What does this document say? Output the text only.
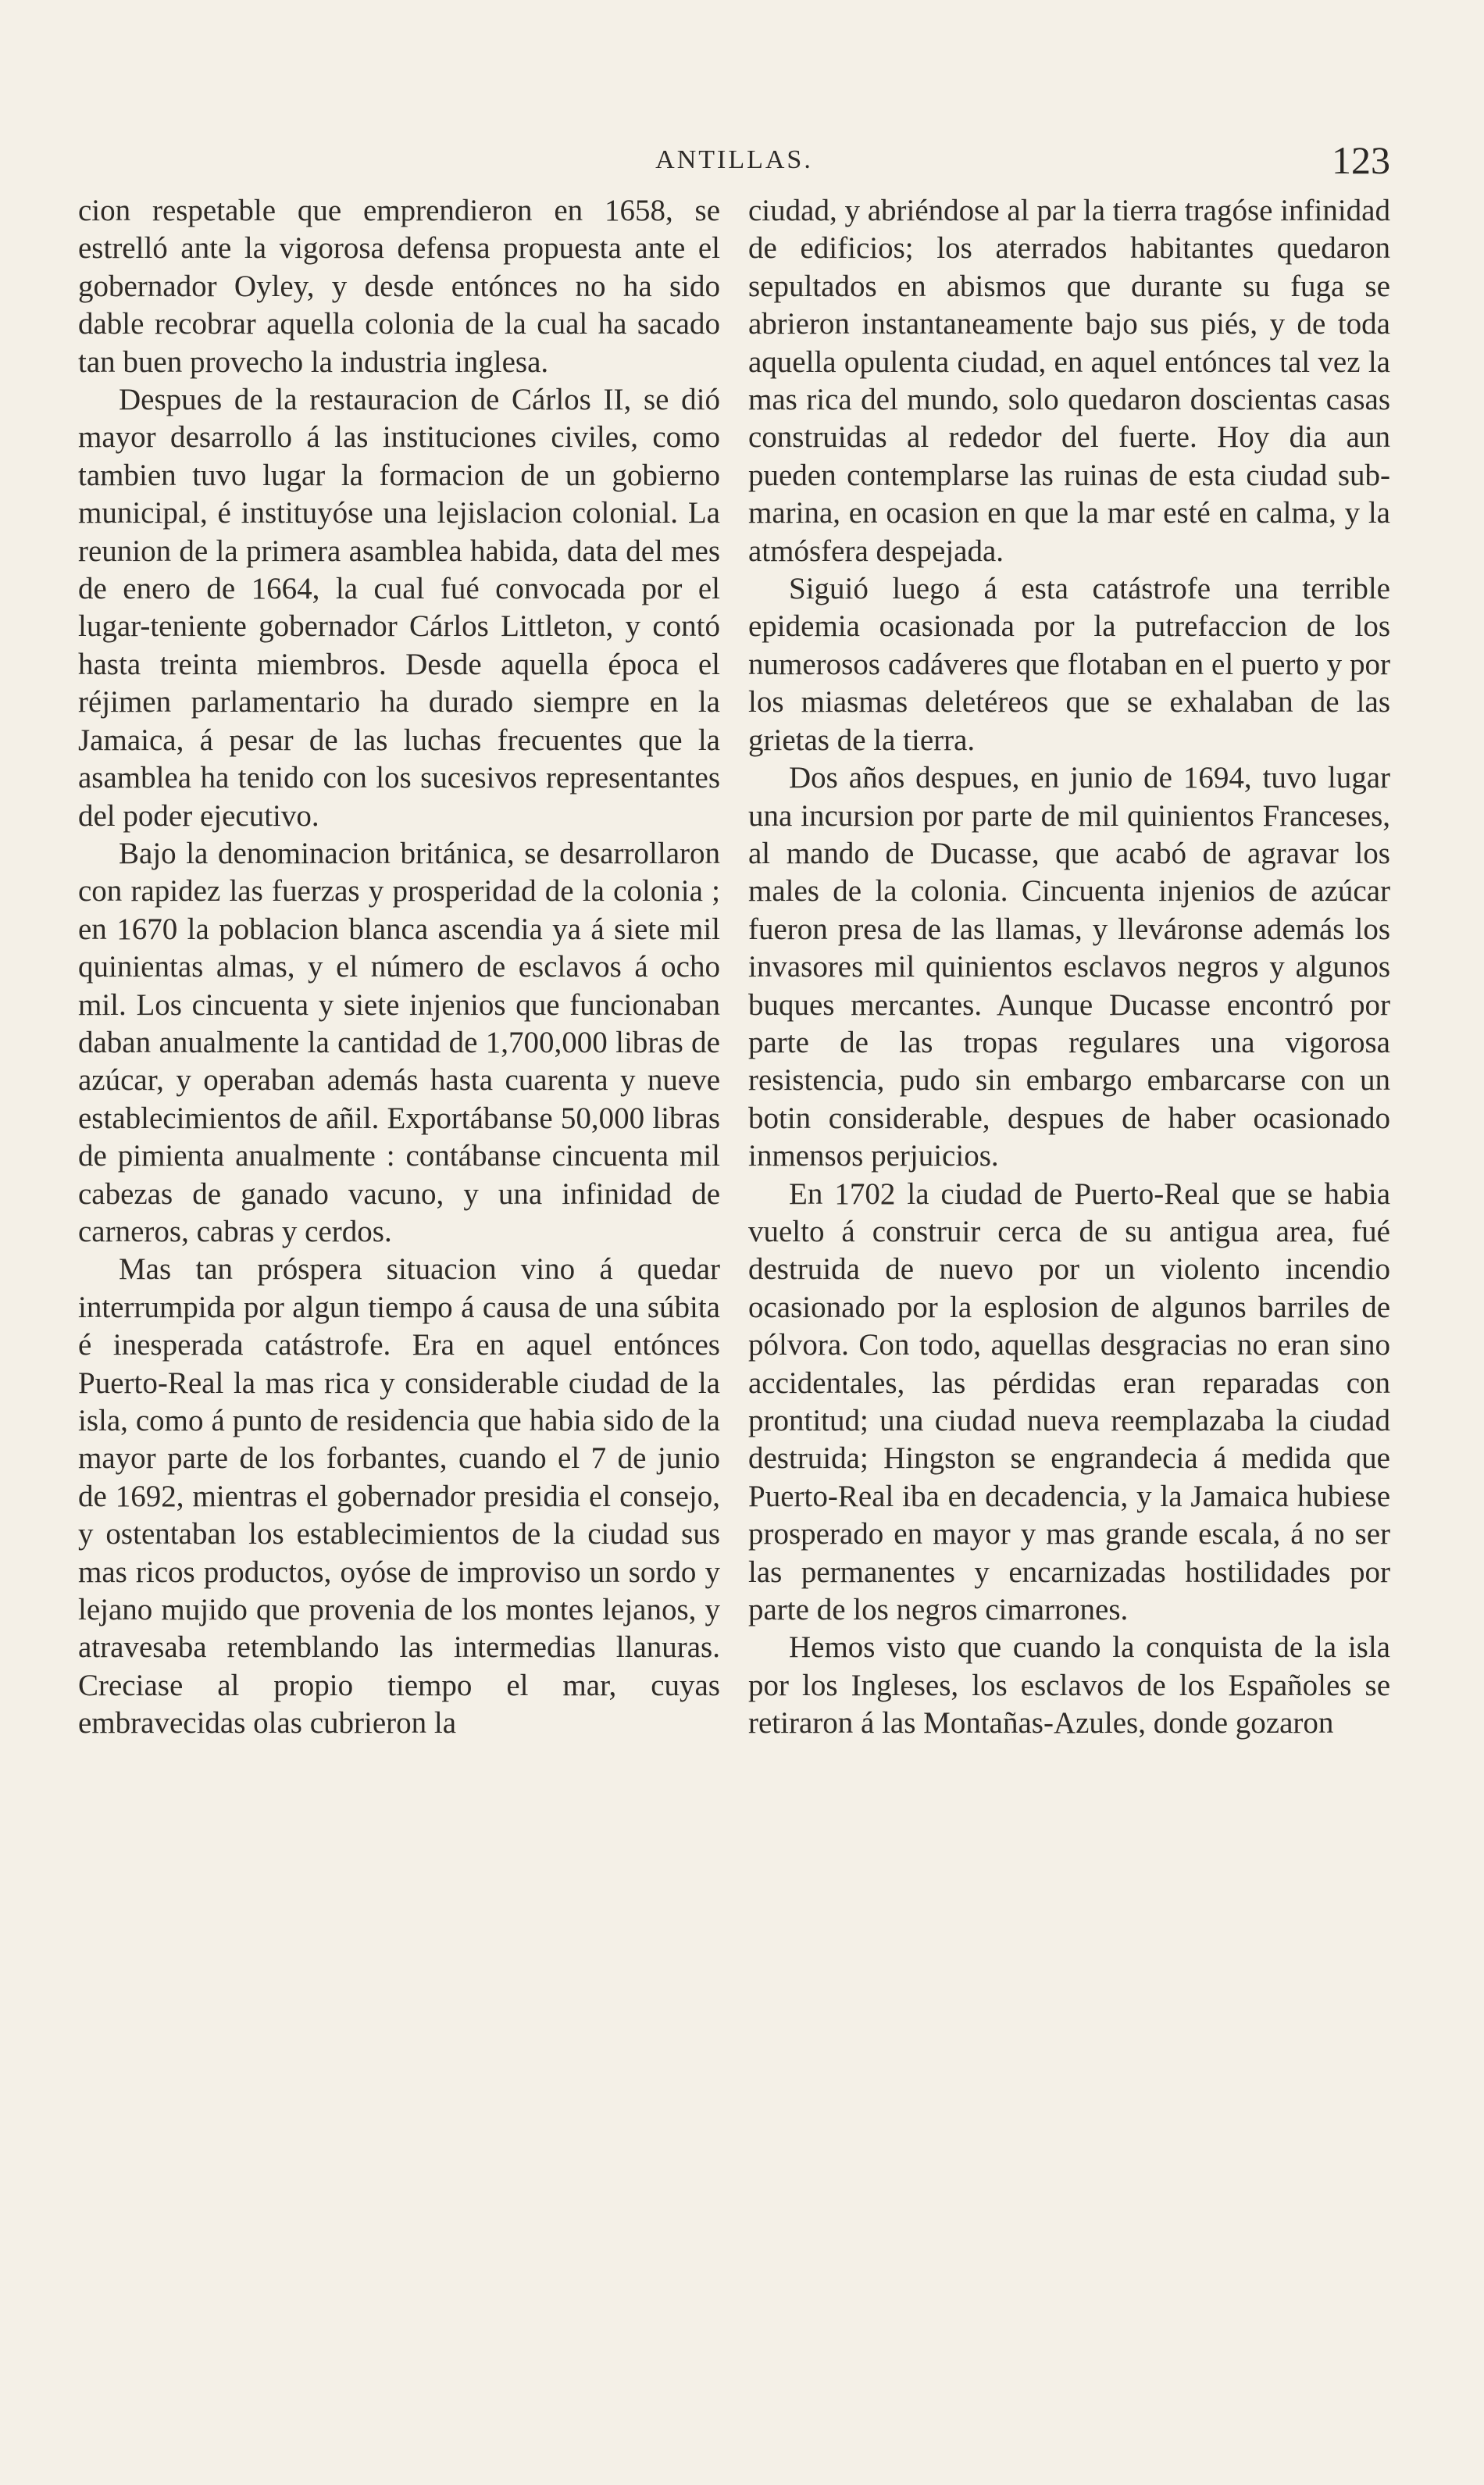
ANTILLAS.	123

cion respetable que emprendieron en 1658, se estrelló ante la vigorosa defensa propuesta ante el gobernador Oyley, y desde entónces no ha sido dable recobrar aquella colonia de la cual ha sacado tan buen provecho la industria inglesa.

Despues de la restauracion de Cárlos II, se dió mayor desarrollo á las instituciones civiles, como tambien tuvo lugar la formacion de un gobierno municipal, é instituyóse una lejislacion colonial. La reunion de la primera asamblea habida, data del mes de enero de 1664, la cual fué convocada por el lugar-teniente gobernador Cárlos Littleton, y contó hasta treinta miembros. Desde aquella época el réjimen parlamentario ha durado siempre en la Jamaica, á pesar de las luchas frecuentes que la asamblea ha tenido con los sucesivos representantes del poder ejecutivo.

Bajo la denominacion británica, se desarrollaron con rapidez las fuerzas y prosperidad de la colonia ; en 1670 la poblacion blanca ascendia ya á siete mil quinientas almas, y el número de esclavos á ocho mil. Los cincuenta y siete injenios que funcionaban daban anualmente la cantidad de 1,700,000 libras de azúcar, y operaban además hasta cuarenta y nueve establecimientos de añil. Exportábanse 50,000 libras de pimienta anualmente : contábanse cincuenta mil cabezas de ganado vacuno, y una infinidad de carneros, cabras y cerdos.

Mas tan próspera situacion vino á quedar interrumpida por algun tiempo á causa de una súbita é inesperada catástrofe. Era en aquel entónces Puerto-Real la mas rica y considerable ciudad de la isla, como á punto de residencia que habia sido de la mayor parte de los forbantes, cuando el 7 de junio de 1692, mientras el gobernador presidia el consejo, y ostentaban los establecimientos de la ciudad sus mas ricos productos, oyóse de improviso un sordo y lejano mujido que provenia de los montes lejanos, y atravesaba retemblando las intermedias llanuras. Creciase al propio tiempo el mar, cuyas embravecidas olas cubrieron la

ciudad, y abriéndose al par la tierra tragóse infinidad de edificios; los aterrados habitantes quedaron sepultados en abismos que durante su fuga se abrieron instantaneamente bajo sus piés, y de toda aquella opulenta ciudad, en aquel entónces tal vez la mas rica del mundo, solo quedaron doscientas casas construidas al rededor del fuerte. Hoy dia aun pueden contemplarse las ruinas de esta ciudad sub-marina, en ocasion en que la mar esté en calma, y la atmósfera despejada.

Siguió luego á esta catástrofe una terrible epidemia ocasionada por la putrefaccion de los numerosos cadáveres que flotaban en el puerto y por los miasmas deletéreos que se exhalaban de las grietas de la tierra.

Dos años despues, en junio de 1694, tuvo lugar una incursion por parte de mil quinientos Franceses, al mando de Ducasse, que acabó de agravar los males de la colonia. Cincuenta injenios de azúcar fueron presa de las llamas, y lleváronse además los invasores mil quinientos esclavos negros y algunos buques mercantes. Aunque Ducasse encontró por parte de las tropas regulares una vigorosa resistencia, pudo sin embargo embarcarse con un botin considerable, despues de haber ocasionado inmensos perjuicios.

En 1702 la ciudad de Puerto-Real que se habia vuelto á construir cerca de su antigua area, fué destruida de nuevo por un violento incendio ocasionado por la esplosion de algunos barriles de pólvora. Con todo, aquellas desgracias no eran sino accidentales, las pérdidas eran reparadas con prontitud; una ciudad nueva reemplazaba la ciudad destruida; Hingston se engrandecia á medida que Puerto-Real iba en decadencia, y la Jamaica hubiese prosperado en mayor y mas grande escala, á no ser las permanentes y encarnizadas hostilidades por parte de los negros cimarrones.

Hemos visto que cuando la conquista de la isla por los Ingleses, los esclavos de los Españoles se retiraron á las Montañas-Azules, donde gozaron
